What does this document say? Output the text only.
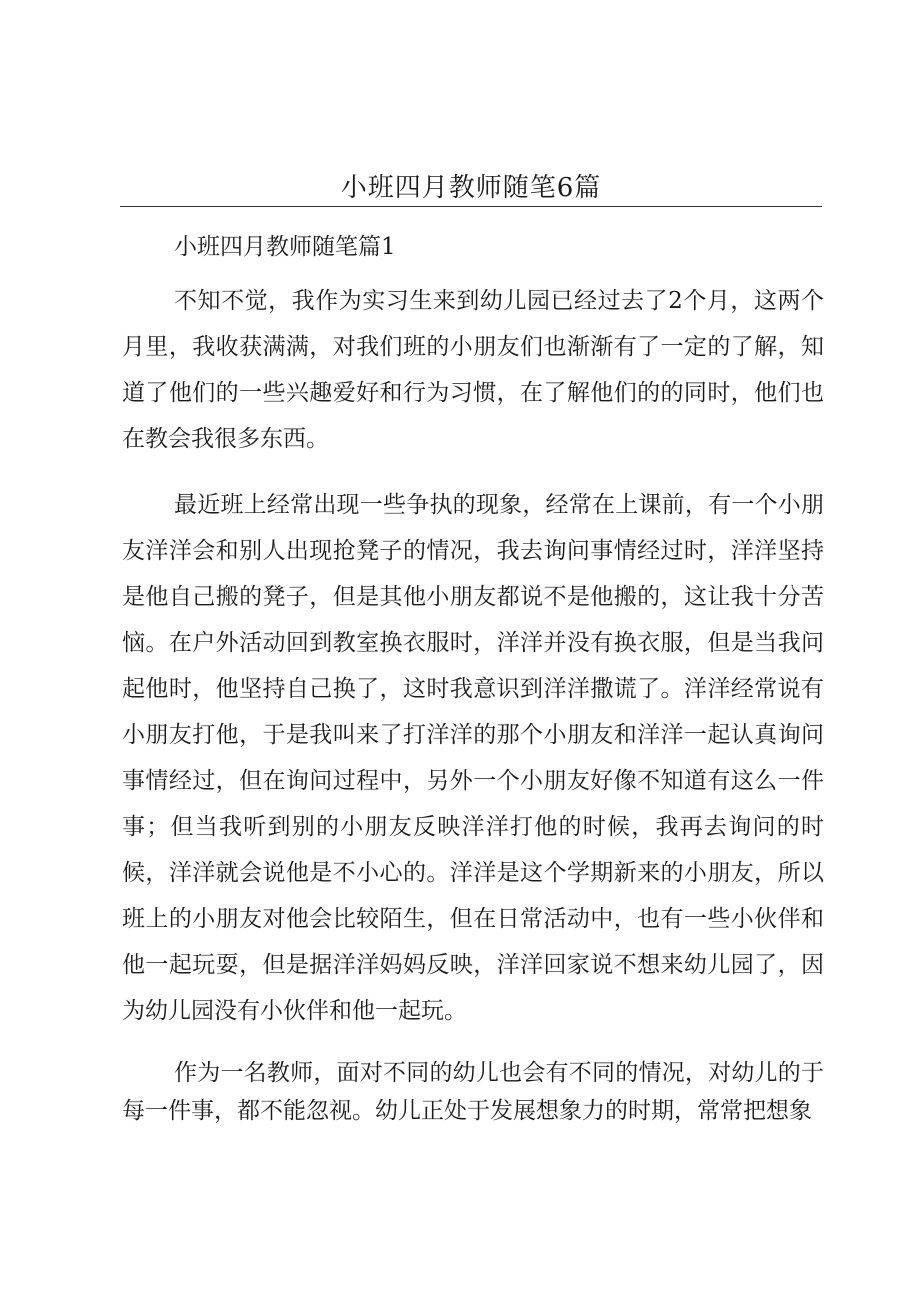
小班四月教师随笔6篇

小班四月教师随笔篇1

不知不觉，我作为实习生来到幼儿园已经过去了2个月，这两个月里，我收获满满，对我们班的小朋友们也渐渐有了一定的了解，知道了他们的一些兴趣爱好和行为习惯，在了解他们的的同时，他们也在教会我很多东西。

最近班上经常出现一些争执的现象，经常在上课前，有一个小朋友洋洋会和别人出现抢凳子的情况，我去询问事情经过时，洋洋坚持是他自己搬的凳子，但是其他小朋友都说不是他搬的，这让我十分苦恼。在户外活动回到教室换衣服时，洋洋并没有换衣服，但是当我问起他时，他坚持自己换了，这时我意识到洋洋撒谎了。洋洋经常说有小朋友打他，于是我叫来了打洋洋的那个小朋友和洋洋一起认真询问事情经过，但在询问过程中，另外一个小朋友好像不知道有这么一件事；但当我听到别的小朋友反映洋洋打他的时候，我再去询问的时候，洋洋就会说他是不小心的。洋洋是这个学期新来的小朋友，所以班上的小朋友对他会比较陌生，但在日常活动中，也有一些小伙伴和他一起玩耍，但是据洋洋妈妈反映，洋洋回家说不想来幼儿园了，因为幼儿园没有小伙伴和他一起玩。

作为一名教师，面对不同的幼儿也会有不同的情况，对幼儿的于每一件事，都不能忽视。幼儿正处于发展想象力的时期，常常把想象
